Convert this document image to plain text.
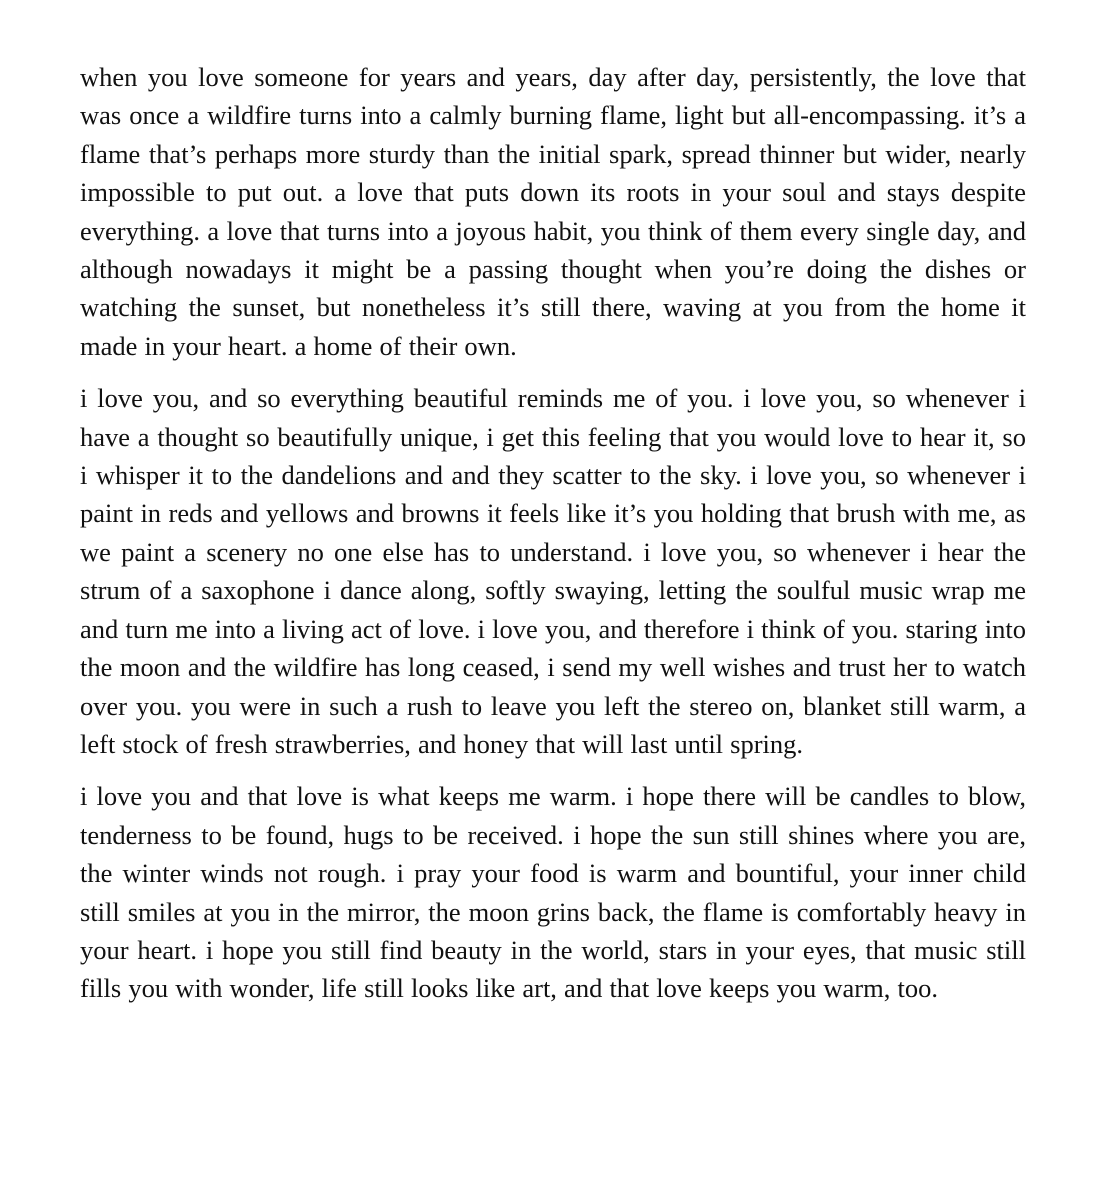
when you love someone for years and years, day after day, persistently, the love that was once a wildfire turns into a calmly burning flame, light but all-encompassing. it’s a flame that’s perhaps more sturdy than the initial spark, spread thinner but wider, nearly impossible to put out. a love that puts down its roots in your soul and stays despite everything. a love that turns into a joyous habit, you think of them every single day, and although nowadays it might be a passing thought when you’re doing the dishes or watching the sunset, but nonetheless it’s still there, waving at you from the home it made in your heart. a home of their own.

i love you, and so everything beautiful reminds me of you. i love you, so whenever i have a thought so beautifully unique, i get this feeling that you would love to hear it, so i whisper it to the dandelions and and they scatter to the sky. i love you, so whenever i paint in reds and yellows and browns it feels like it’s you holding that brush with me, as we paint a scenery no one else has to understand. i love you, so whenever i hear the strum of a saxophone i dance along, softly swaying, letting the soulful music wrap me and turn me into a living act of love. i love you, and therefore i think of you. staring into the moon and the wildfire has long ceased, i send my well wishes and trust her to watch over you. you were in such a rush to leave you left the stereo on, blanket still warm, a left stock of fresh strawberries, and honey that will last until spring.

i love you and that love is what keeps me warm. i hope there will be candles to blow, tenderness to be found, hugs to be received. i hope the sun still shines where you are, the winter winds not rough. i pray your food is warm and bountiful, your inner child still smiles at you in the mirror, the moon grins back, the flame is comfortably heavy in your heart. i hope you still find beauty in the world, stars in your eyes, that music still fills you with wonder, life still looks like art, and that love keeps you warm, too.
